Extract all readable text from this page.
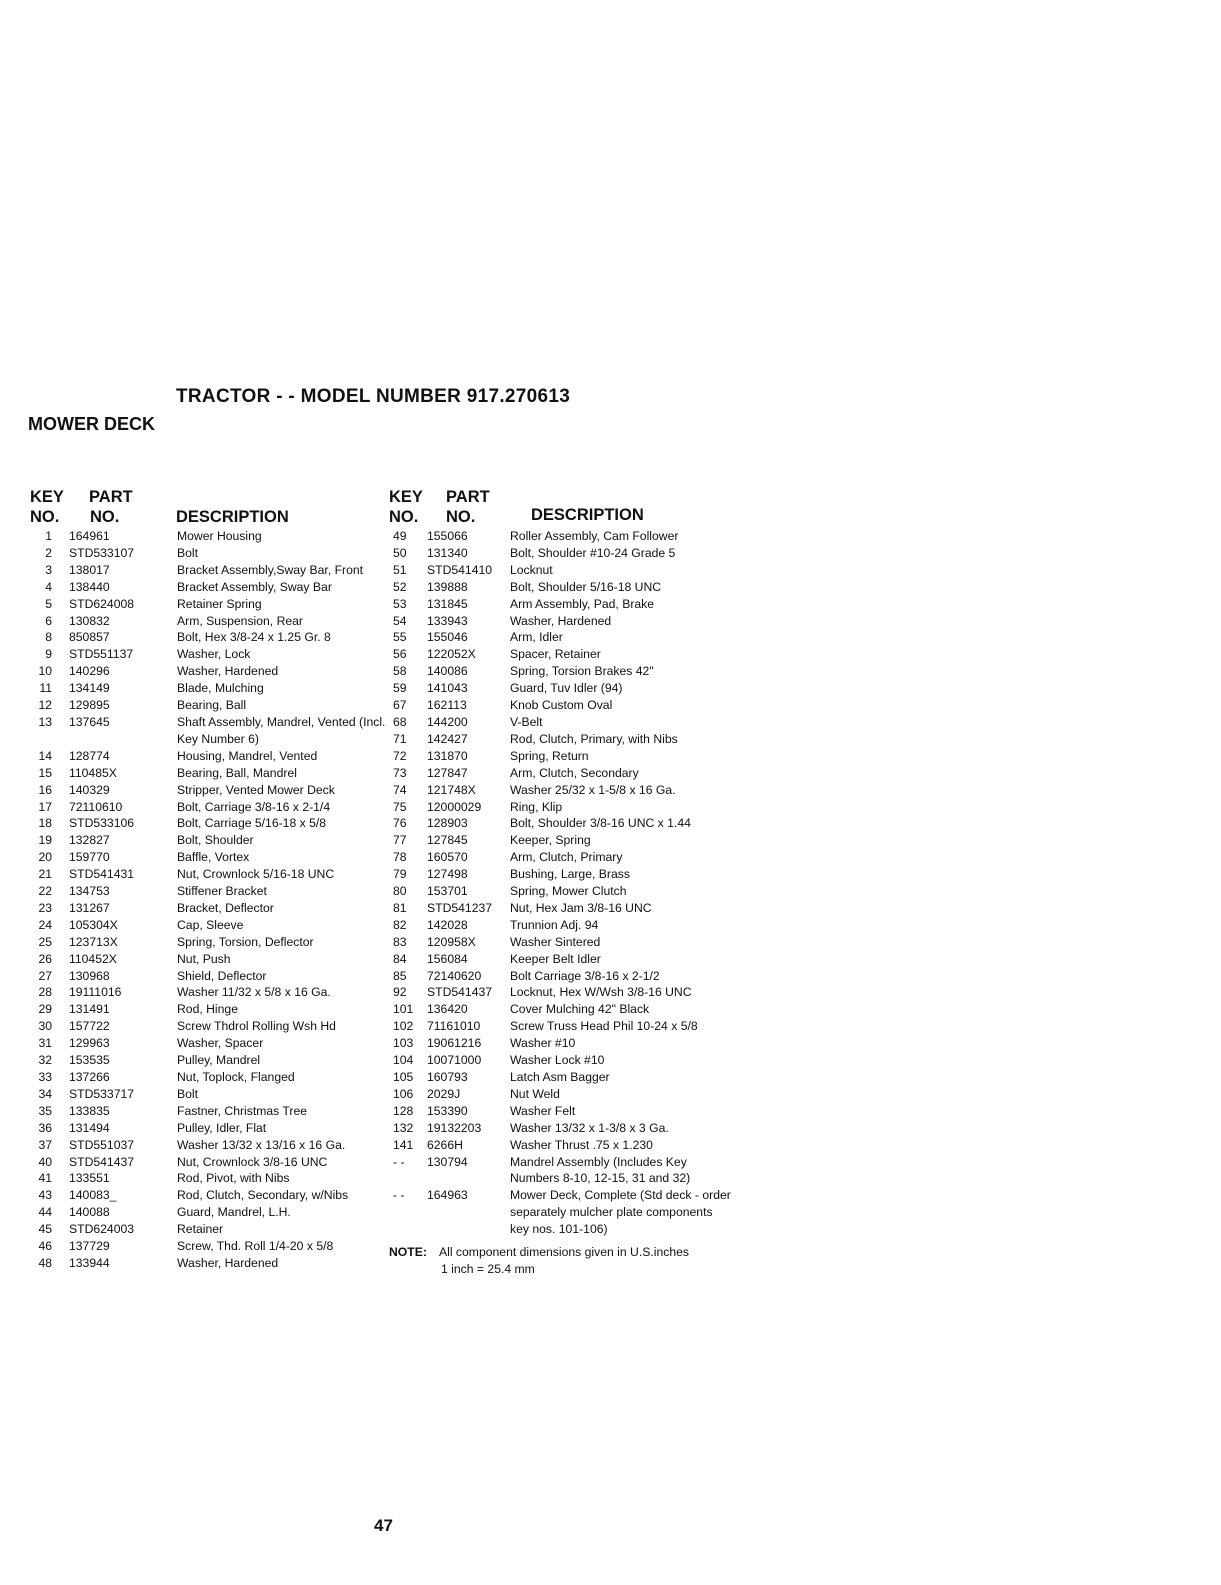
TRACTOR - - MODEL NUMBER 917.270613
MOWER DECK
KEY
NO.
PART
NO.	DESCRIPTION
1 164961	Mower Housing
2 STD533107	Bolt
3 138017	Bracket Assembly,Sway Bar, Front
4 138440	Bracket Assembly, Sway Bar
5 STD624008	Retainer Spring
6 130832	Arm, Suspension, Rear
8 850857	Bolt, Hex 3/8-24 x 1.25 Gr. 8
9 STD551137	Washer, Lock
10 140296	Washer, Hardened
11 134149	Blade, Mulching
12 129895	Bearing, Ball
13 137645	Shaft Assembly, Mandrel, Vented (Incl. Key Number 6)
14 128774	Housing, Mandrel, Vented
15 110485X	Bearing, Ball, Mandrel
16 140329	Stripper, Vented Mower Deck
17 72110610	Bolt, Carriage 3/8-16 x 2-1/4
18 STD533106	Bolt, Carriage 5/16-18 x 5/8
19 132827	Bolt, Shoulder
20 159770	Baffle, Vortex
21 STD541431	Nut, Crownlock 5/16-18 UNC
22 134753	Stiffener Bracket
23 131267	Bracket, Deflector
24 105304X	Cap, Sleeve
25 123713X	Spring, Torsion, Deflector
26 110452X	Nut, Push
27 130968	Shield, Deflector
28 19111016	Washer 11/32 x 5/8 x 16 Ga.
29 131491	Rod, Hinge
30 157722	Screw Thdrol Rolling Wsh Hd
31 129963	Washer, Spacer
32 153535	Pulley, Mandrel
33 137266	Nut, Toplock, Flanged
34 STD533717	Bolt
35 133835	Fastner, Christmas Tree
36 131494	Pulley, Idler, Flat
37 STD551037	Washer 13/32 x 13/16 x 16 Ga.
40 STD541437	Nut, Crownlock 3/8-16 UNC
41 133551	Rod, Pivot, with Nibs
43 140083_	Rod, Clutch, Secondary, w/Nibs
44 140088	Guard, Mandrel, L.H.
45 STD624003	Retainer
46 137729	Screw, Thd. Roll 1/4-20 x 5/8
48 133944	Washer, Hardened
KEY
NO.
PART
NO.	DESCRIPTION
49 155066	Roller Assembly, Cam Follower
50 131340	Bolt, Shoulder #10-24 Grade 5
51 STD541410 Locknut
52 139888	Bolt, Shoulder 5/16-18 UNC
53 131845	Arm Assembly, Pad, Brake
54 133943	Washer, Hardened
55 155046	Arm, Idler
56 122052X	Spacer, Retainer
58 140086	Spring, Torsion Brakes 42"
59 141043	Guard, Tuv Idler (94)
67 162113	Knob Custom Oval
68 144200	V-Belt
71 142427	Rod, Clutch, Primary, with Nibs
72 131870	Spring, Return
73 127847	Arm, Clutch, Secondary
74 121748X	Washer 25/32 x 1-5/8 x 16 Ga.
75 12000029 Ring, Klip
76 128903	Bolt, Shoulder 3/8-16 UNC x 1.44
77 127845	Keeper, Spring
78 160570	Arm, Clutch, Primary
79 127498	Bushing, Large, Brass
80 153701	Spring, Mower Clutch
81 STD541237 Nut, Hex Jam 3/8-16 UNC
82 142028	Trunnion Adj. 94
83 120958X	Washer Sintered
84 156084	Keeper Belt Idler
85 72140620 Bolt Carriage 3/8-16 x 2-1/2
92 STD541437 Locknut, Hex W/Wsh 3/8-16 UNC
101 136420	Cover Mulching 42" Black
102 71161010 Screw Truss Head Phil 10-24 x 5/8
103 19061216 Washer #10
104 10071000 Washer Lock #10
105 160793	Latch Asm Bagger
106 2029J	Nut Weld
128 153390	Washer Felt
132 19132203 Washer 13/32 x 1-3/8 x 3 Ga.
141 6266H	Washer Thrust .75 x 1.230
- - 130794	Mandrel Assembly (Includes Key Numbers 8-10, 12-15, 31 and 32)
- - 164963	Mower Deck, Complete (Std deck - order separately mulcher plate components key nos. 101-106)
NOTE: All component dimensions given in U.S.inches
1 inch = 25.4 mm
47
